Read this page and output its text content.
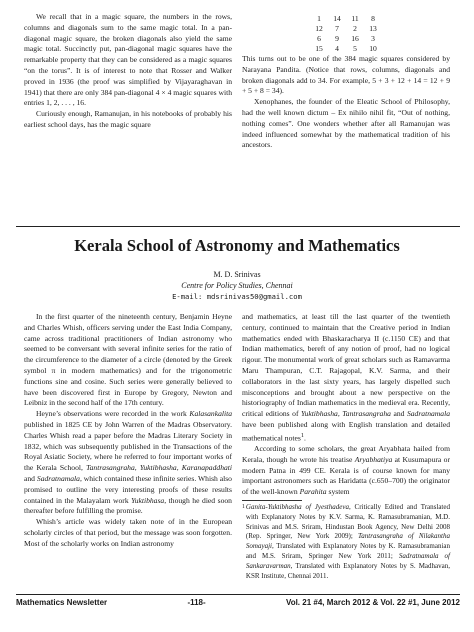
We recall that in a magic square, the numbers in the rows, columns and diagonals sum to the same magic total. In a pan-diagonal magic square, the broken diagonals also yield the same magic total. Succinctly put, pan-diagonal magic squares have the remarkable property that they can be considered as a magic squares “on the torus”. It is of interest to note that Rosser and Walker proved in 1936 (the proof was simplified by Vijayaraghavan in 1941) that there are only 384 pan-diagonal 4 × 4 magic squares with entries 1, 2, . . . , 16.

Curiously enough, Ramanujan, in his notebooks of probably his earliest school days, has the magic square

1	14	11	8
12	7	2	13
6	9	16	3
15	4	5	10

This turns out to be one of the 384 magic squares considered by Narayana Pandita. (Notice that rows, columns, diagonals and broken diagonals add to 34. For example, 5 + 3 + 12 + 14 = 12 + 9 + 5 + 8 = 34).

Xenophanes, the founder of the Eleatic School of Philosophy, had the well known dictum – Ex nihilo nihil fit, “Out of nothing, nothing comes”. One wonders whether after all Ramanujan was indeed influenced somewhat by the mathematical tradition of his ancestors.

Kerala School of Astronomy and Mathematics
M. D. Srinivas
Centre for Policy Studies, Chennai
E-mail: mdsrinivas50@gmail.com

In the first quarter of the nineteenth century, Benjamin Heyne and Charles Whish, officers serving under the East India Company, came across traditional practitioners of Indian astronomy who seemed to be conversant with several infinite series for the ratio of the circumference to the diameter of a circle (denoted by the Greek symbol π in modern mathematics) and for the trigonometric functions sine and cosine. Such series were generally believed to have been discovered first in Europe by Gregory, Newton and Leibniz in the second half of the 17th century.

Heyne’s observations were recorded in the work Kalasankalita published in 1825 CE by John Warren of the Madras Observatory. Charles Whish read a paper before the Madras Literary Society in 1832, which was subsequently published in the Transactions of the Royal Asiatic Society, where he referred to four important works of the Kerala School, Tantrasangraha, Yuktibhasha, Karanapaddhati and Sadratnamala, which contained these infinite series. Whish also promised to outline the very interesting proofs of these results contained in the Malayalam work Yuktibhasa, though he died soon thereafter before fulfilling the promise.

Whish’s article was widely taken note of in the European scholarly circles of that period, but the message was soon forgotten. Most of the scholarly works on Indian astronomy

and mathematics, at least till the last quarter of the twentieth century, continued to maintain that the Creative period in Indian mathematics ended with Bhaskaracharya II (c.1150 CE) and that Indian mathematics, bereft of any notion of proof, had no logical rigour. The monumental work of great scholars such as Ramavarma Maru Thampuran, C.T. Rajagopal, K.V. Sarma, and their collaborators in the last sixty years, has largely dispelled such misconceptions and brought about a new perspective on the historiography of Indian mathematics in the medieval era. Recently, critical editions of Yuktibhasha, Tantrasangraha and Sadratnamala have been published along with English translation and detailed mathematical notes$^1$.

According to some scholars, the great Aryabhata hailed from Kerala, though he wrote his treatise Aryabhatiya at Kusumapura or modern Patna in 499 CE. Kerala is of course known for many important astronomers such as Haridatta (c.650–700) the originator of the well-known Parahita system

1 Ganita-Yuktibhasha of Jyesthadeva, Critically Edited and Translated with Explanatory Notes by K.V. Sarma, K. Ramasubramanian, M.D. Srinivas and M.S. Sriram, Hindustan Book Agency, New Delhi 2008 (Rep. Springer, New York 2009); Tantrasangraha of Nilakantha Somayaji, Translated with Explanatory Notes by K. Ramasubramanian and M.S. Sriram, Springer New York 2011; Sadratnamala of Sankaravarman, Translated with Explanatory Notes by S. Madhavan, KSR Institute, Chennai 2011.

Mathematics Newsletter	-118-	Vol. 21 #4, March 2012 & Vol. 22 #1, June 2012
